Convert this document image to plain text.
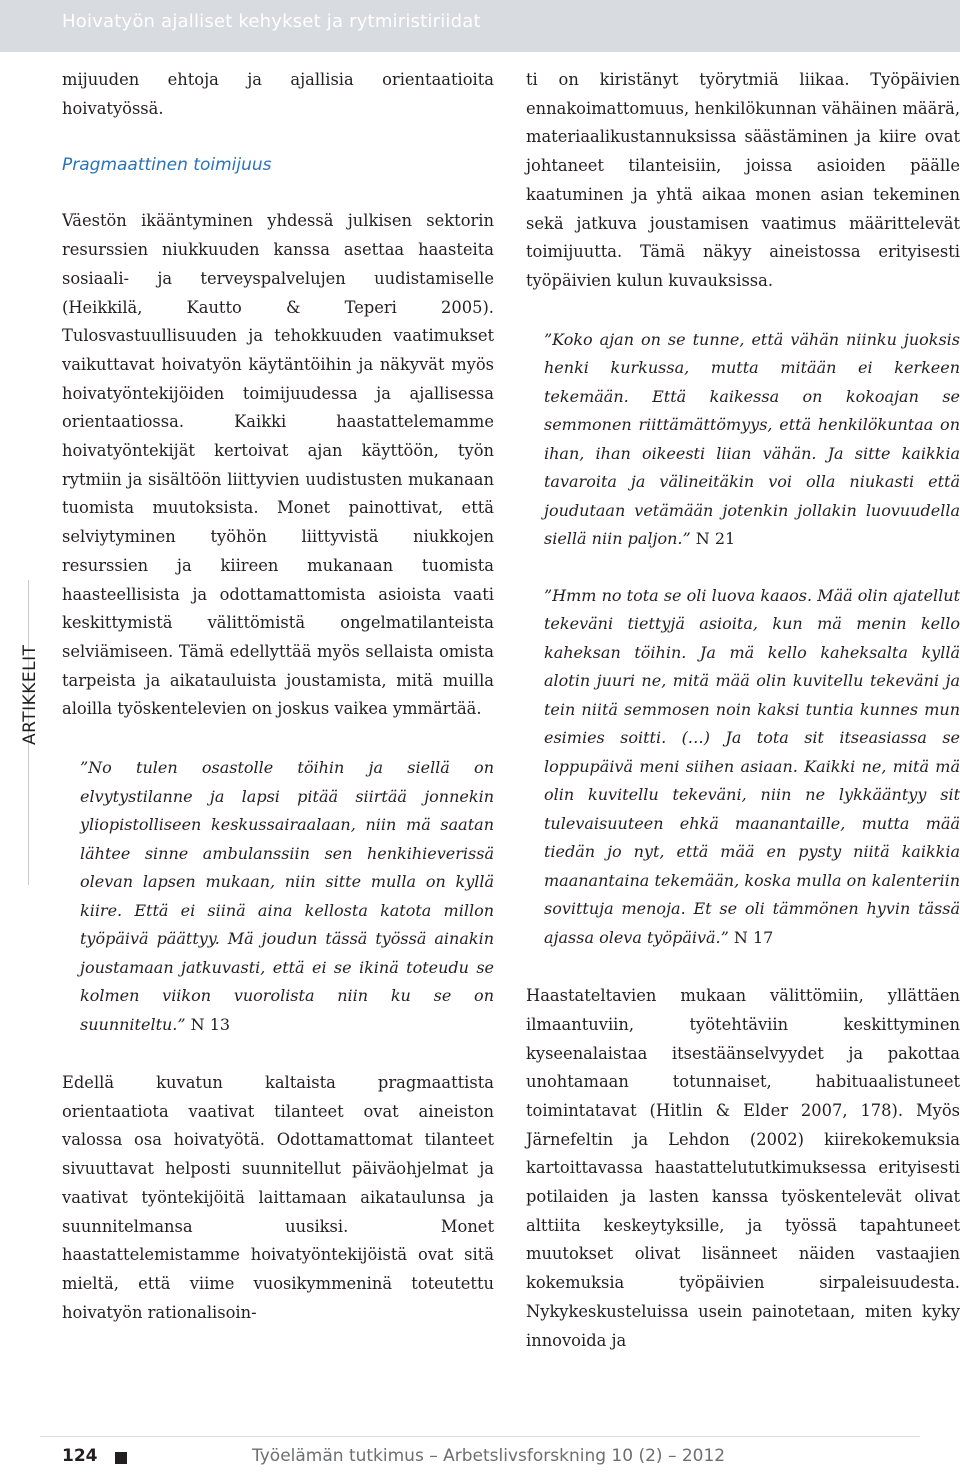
Hoivatyön ajalliset kehykset ja rytmiristiriidat
ARTIKKELIT

mijuuden ehtoja ja ajallisia orientaatioita hoivatyössä.

Pragmaattinen toimijuus

Väestön ikääntyminen yhdessä julkisen sektorin resurssien niukkuuden kanssa asettaa haasteita sosiaali- ja terveyspalvelujen uudistamiselle (Heikkilä, Kautto & Teperi 2005). Tulosvastuullisuuden ja tehokkuuden vaatimukset vaikuttavat hoivatyön käytäntöihin ja näkyvät myös hoivatyöntekijöiden toimijuudessa ja ajallisessa orientaatiossa. Kaikki haastattelemamme hoivatyöntekijät kertoivat ajan käyttöön, työn rytmiin ja sisältöön liittyvien uudistusten mukanaan tuomista muutoksista. Monet painottivat, että selviytyminen työhön liittyvistä niukkojen resurssien ja kiireen mukanaan tuomista haasteellisista ja odottamattomista asioista vaati keskittymistä välittömistä ongelmatilanteista selviämiseen. Tämä edellyttää myös sellaista omista tarpeista ja aikatauluista joustamista, mitä muilla aloilla työskentelevien on joskus vaikea ymmärtää.

”No tulen osastolle töihin ja siellä on elvytystilanne ja lapsi pitää siirtää jonnekin yliopistolliseen keskussairaalaan, niin mä saatan lähtee sinne ambulanssiin sen henkihieverissä olevan lapsen mukaan, niin sitte mulla on kyllä kiire. Että ei siinä aina kellosta katota millon työpäivä päättyy. Mä joudun tässä työssä ainakin joustamaan jatkuvasti, että ei se ikinä toteudu se kolmen viikon vuorolista niin ku se on suunniteltu.” N 13

Edellä kuvatun kaltaista pragmaattista orientaatiota vaativat tilanteet ovat aineiston valossa osa hoivatyötä. Odottamattomat tilanteet sivuuttavat helposti suunnitellut päiväohjelmat ja vaativat työntekijöitä laittamaan aikataulunsa ja suunnitelmansa uusiksi. Monet haastattelemistamme hoivatyöntekijöistä ovat sitä mieltä, että viime vuosikymmeninä toteutettu hoivatyön rationalisoin-

ti on kiristänyt työrytmiä liikaa. Työpäivien ennakoimattomuus, henkilökunnan vähäinen määrä, materiaalikustannuksissa säästäminen ja kiire ovat johtaneet tilanteisiin, joissa asioiden päälle kaatuminen ja yhtä aikaa monen asian tekeminen sekä jatkuva joustamisen vaatimus määrittelevät toimijuutta. Tämä näkyy aineistossa erityisesti työpäivien kulun kuvauksissa.

”Koko ajan on se tunne, että vähän niinku juoksis henki kurkussa, mutta mitään ei kerkeen tekemään. Että kaikessa on kokoajan se semmonen riittämättömyys, että henkilökuntaa on ihan, ihan oikeesti liian vähän. Ja sitte kaikkia tavaroita ja välineitäkin voi olla niukasti että joudutaan vetämään jotenkin jollakin luovuudella siellä niin paljon.” N 21

”Hmm no tota se oli luova kaaos. Mää olin ajatellut tekeväni tiettyjä asioita, kun mä menin kello kaheksan töihin. Ja mä kello kaheksalta kyllä alotin juuri ne, mitä mää olin kuvitellu tekeväni ja tein niitä semmosen noin kaksi tuntia kunnes mun esimies soitti. (…) Ja tota sit itseasiassa se loppupäivä meni siihen asiaan. Kaikki ne, mitä mä olin kuvitellu tekeväni, niin ne lykkääntyy sit tulevaisuuteen ehkä maanantaille, mutta mää tiedän jo nyt, että mää en pysty niitä kaikkia maanantaina tekemään, koska mulla on kalenteriin sovittuja menoja. Et se oli tämmönen hyvin tässä ajassa oleva työpäivä.” N 17

Haastateltavien mukaan välittömiin, yllättäen ilmaantuviin, työtehtäviin keskittyminen kyseenalaistaa itsestäänselvyydet ja pakottaa unohtamaan totunnaiset, habituaalistuneet toimintatavat (Hitlin & Elder 2007, 178). Myös Järnefeltin ja Lehdon (2002) kiirekokemuksia kartoittavassa haastattelututkimuksessa erityisesti potilaiden ja lasten kanssa työskentelevät olivat alttiita keskeytyksille, ja työssä tapahtuneet muutokset olivat lisänneet näiden vastaajien kokemuksia työpäivien sirpaleisuudesta. Nykykeskusteluissa usein painotetaan, miten kyky innovoida ja

124	Työelämän tutkimus – Arbetslivsforskning 10 (2) – 2012
